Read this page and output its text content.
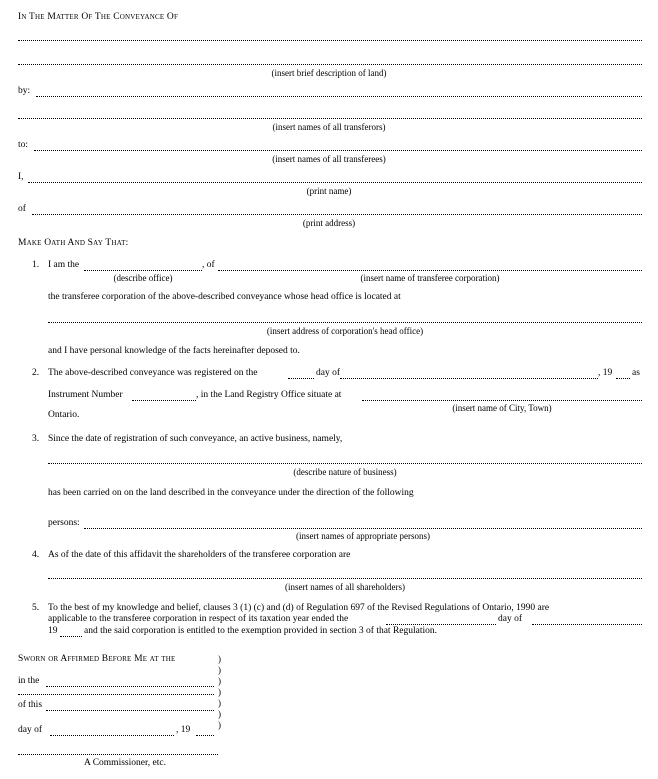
In The Matter Of The Conveyance Of
(insert brief description of land)
by:
(insert names of all transferors)
to:
(insert names of all transferees)
I,
(print name)
of
(print address)
Make Oath And Say That:
1. I am the	, of
(describe office)	(insert name of transferee corporation)
the transferee corporation of the above-described conveyance whose head office is located at
(insert address of corporation's head office)
and I have personal knowledge of the facts hereinafter deposed to.
2. The above-described conveyance was registered on the	day of	, 19 as
Instrument Number	, in the Land Registry Office situate at
(insert name of City, Town)
Ontario.
3. Since the date of registration of such conveyance, an active business, namely,
(describe nature of business)
has been carried on on the land described in the conveyance under the direction of the following
persons:
(insert names of appropriate persons)
4. As of the date of this affidavit the shareholders of the transferee corporation are
(insert names of all shareholders)
5. To the best of my knowledge and belief, clauses 3 (1) (c) and (d) of Regulation 697 of the Revised Regulations of Ontario, 1990 are
applicable to the transferee corporation in respect of its taxation year ended the	day of
19	and the said corporation is entitled to the exemption provided in section 3 of that Regulation.
Sworn or Affirmed Before Me at the
in the
of this
day of	, 19
)
)
)
)
)
)
)
A Commissioner, etc.
